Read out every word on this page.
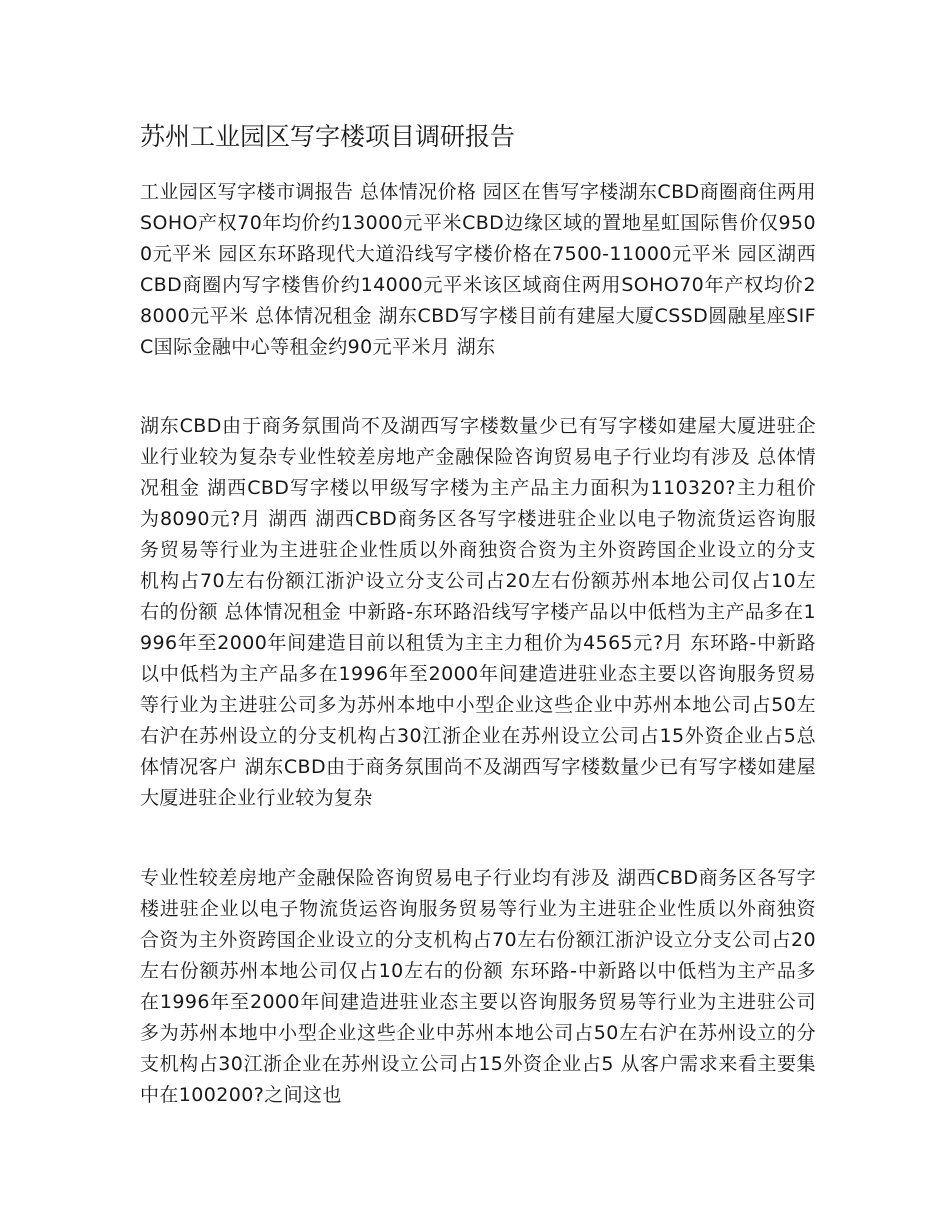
苏州工业园区写字楼项目调研报告

工业园区写字楼市调报告 总体情况价格 园区在售写字楼湖东CBD商圈商住两用SOHO产权70年均价约13000元平米CBD边缘区域的置地星虹国际售价仅9500元平米 园区东环路现代大道沿线写字楼价格在7500-11000元平米 园区湖西CBD商圈内写字楼售价约14000元平米该区域商住两用SOHO70年产权均价28000元平米 总体情况租金 湖东CBD写字楼目前有建屋大厦CSSD圆融星座SIFC国际金融中心等租金约90元平米月 湖东

湖东CBD由于商务氛围尚不及湖西写字楼数量少已有写字楼如建屋大厦进驻企业行业较为复杂专业性较差房地产金融保险咨询贸易电子行业均有涉及 总体情况租金 湖西CBD写字楼以甲级写字楼为主产品主力面积为110320?主力租价为8090元?月 湖西 湖西CBD商务区各写字楼进驻企业以电子物流货运咨询服务贸易等行业为主进驻企业性质以外商独资合资为主外资跨国企业设立的分支机构占70左右份额江浙沪设立分支公司占20左右份额苏州本地公司仅占10左右的份额 总体情况租金 中新路-东环路沿线写字楼产品以中低档为主产品多在1996年至2000年间建造目前以租赁为主主力租价为4565元?月 东环路-中新路以中低档为主产品多在1996年至2000年间建造进驻业态主要以咨询服务贸易等行业为主进驻公司多为苏州本地中小型企业这些企业中苏州本地公司占50左右沪在苏州设立的分支机构占30江浙企业在苏州设立公司占15外资企业占5总体情况客户 湖东CBD由于商务氛围尚不及湖西写字楼数量少已有写字楼如建屋大厦进驻企业行业较为复杂

专业性较差房地产金融保险咨询贸易电子行业均有涉及 湖西CBD商务区各写字楼进驻企业以电子物流货运咨询服务贸易等行业为主进驻企业性质以外商独资合资为主外资跨国企业设立的分支机构占70左右份额江浙沪设立分支公司占20左右份额苏州本地公司仅占10左右的份额 东环路-中新路以中低档为主产品多在1996年至2000年间建造进驻业态主要以咨询服务贸易等行业为主进驻公司多为苏州本地中小型企业这些企业中苏州本地公司占50左右沪在苏州设立的分支机构占30江浙企业在苏州设立公司占15外资企业占5 从客户需求来看主要集中在100200?之间这也
